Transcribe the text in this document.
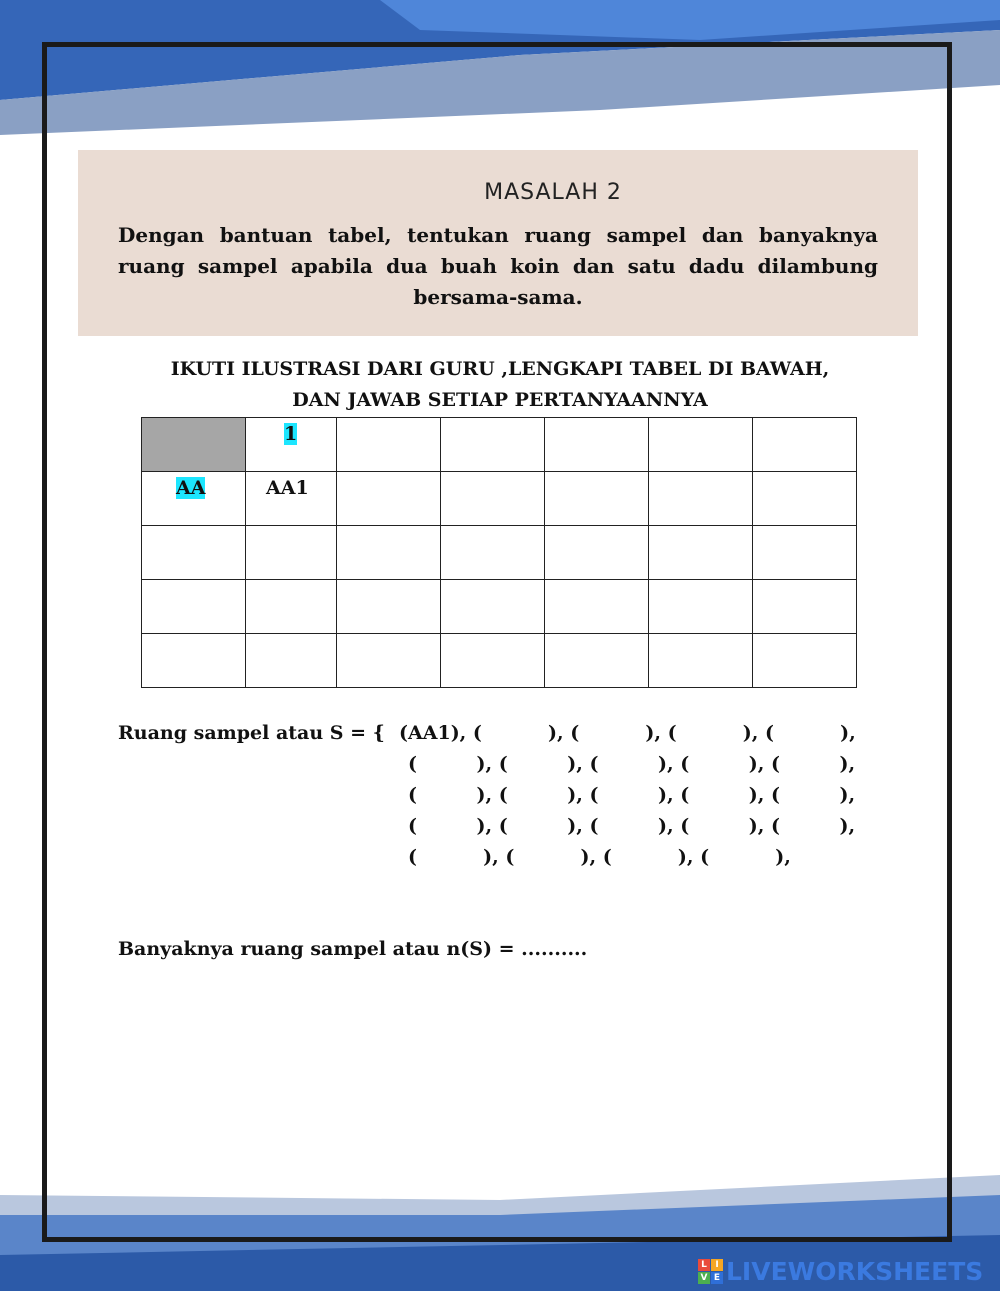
MASALAH 2
Dengan bantuan tabel, tentukan ruang sampel dan banyaknya ruang sampel apabila dua buah koin dan satu dadu dilambung bersama-sama.
IKUTI ILUSTRASI DARI GURU ,LENGKAPI TABEL DI BAWAH,
DAN JAWAB SETIAP PERTANYAANNYA

	1					

AA	AA1					

Ruang sampel atau S = { (AA1), (          ), (          ), (          ), (          ),
(         ), (         ), (         ), (         ), (         ),
(         ), (         ), (         ), (         ), (         ),
(         ), (         ), (         ), (         ), (         ),
(          ), (          ), (          ), (          ),
Banyaknya ruang sampel atau n(S) = ..........
L I
V E LIVEWORKSHEETS
